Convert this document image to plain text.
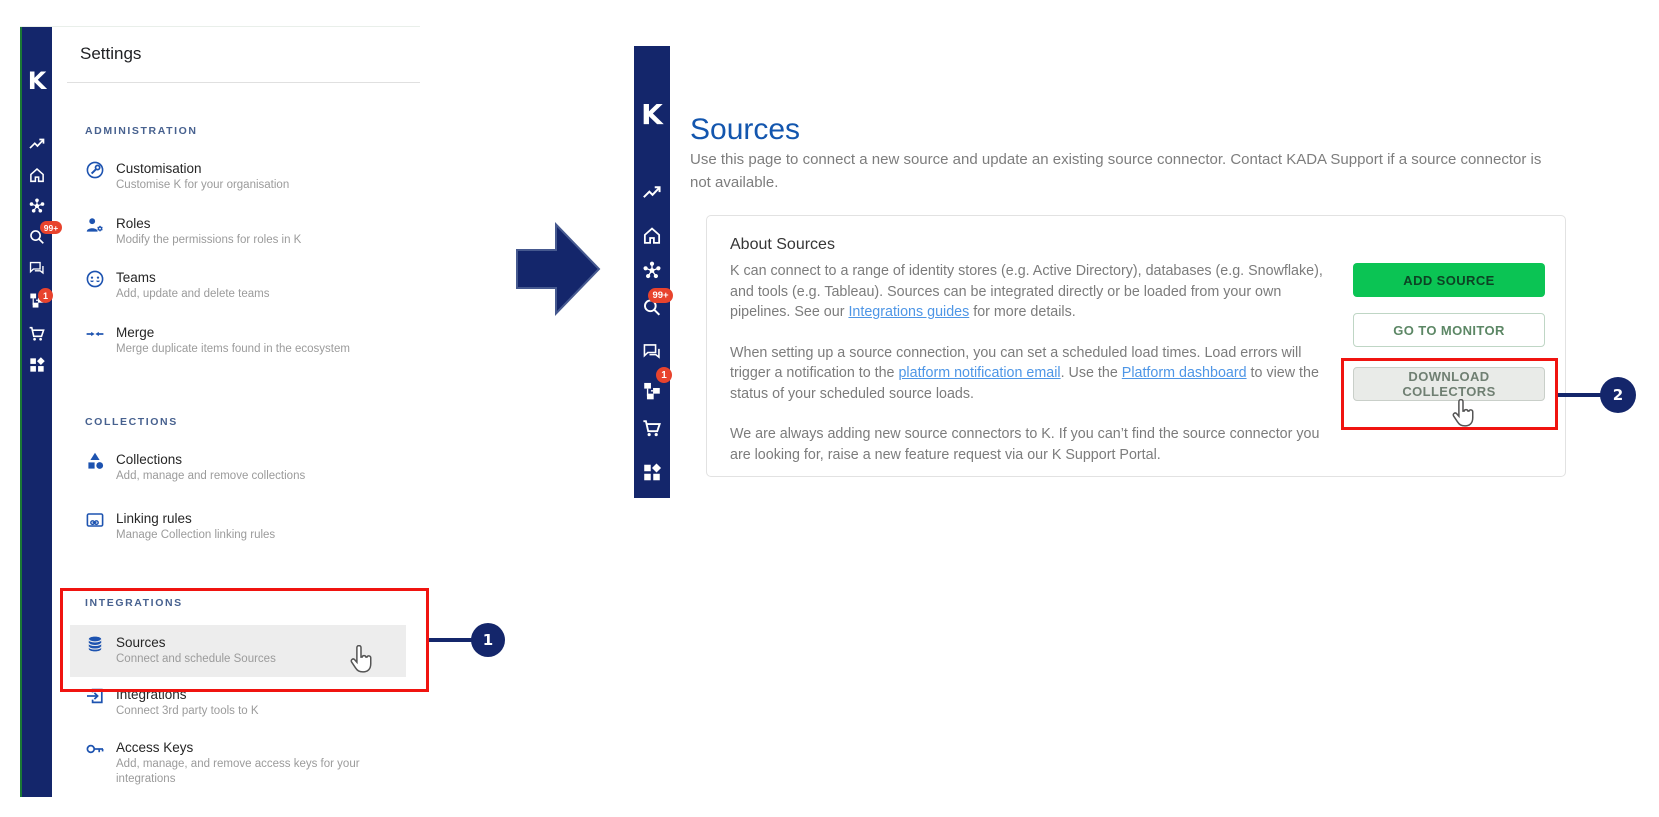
K
99+
1
Settings
ADMINISTRATION
Customisation
Customise K for your organisation
Roles
Modify the permissions for roles in K
Teams
Add, update and delete teams
Merge
Merge duplicate items found in the ecosystem
COLLECTIONS
Collections
Add, manage and remove collections
Linking rules
Manage Collection linking rules
INTEGRATIONS
Sources
Connect and schedule Sources
Integrations
Connect 3rd party tools to K
Access Keys
Add, manage, and remove access keys for your integrations
1
K
99+
1
Sources
Use this page to connect a new source and update an existing source connector. Contact KADA Support if a source connector is not available.
About Sources

K can connect to a range of identity stores (e.g. Active Directory), databases (e.g. Snowflake), and tools (e.g. Tableau). Sources can be integrated directly or be loaded from your own pipelines. See our Integrations guides for more details.

When setting up a source connection, you can set a scheduled load times. Load errors will trigger a notification to the platform notification email. Use the Platform dashboard to view the status of your scheduled source loads.

We are always adding new source connectors to K. If you can’t find the source connector you are looking for, raise a new feature request via our K Support Portal.

ADD SOURCE
GO TO MONITOR
DOWNLOAD COLLECTORS	2
